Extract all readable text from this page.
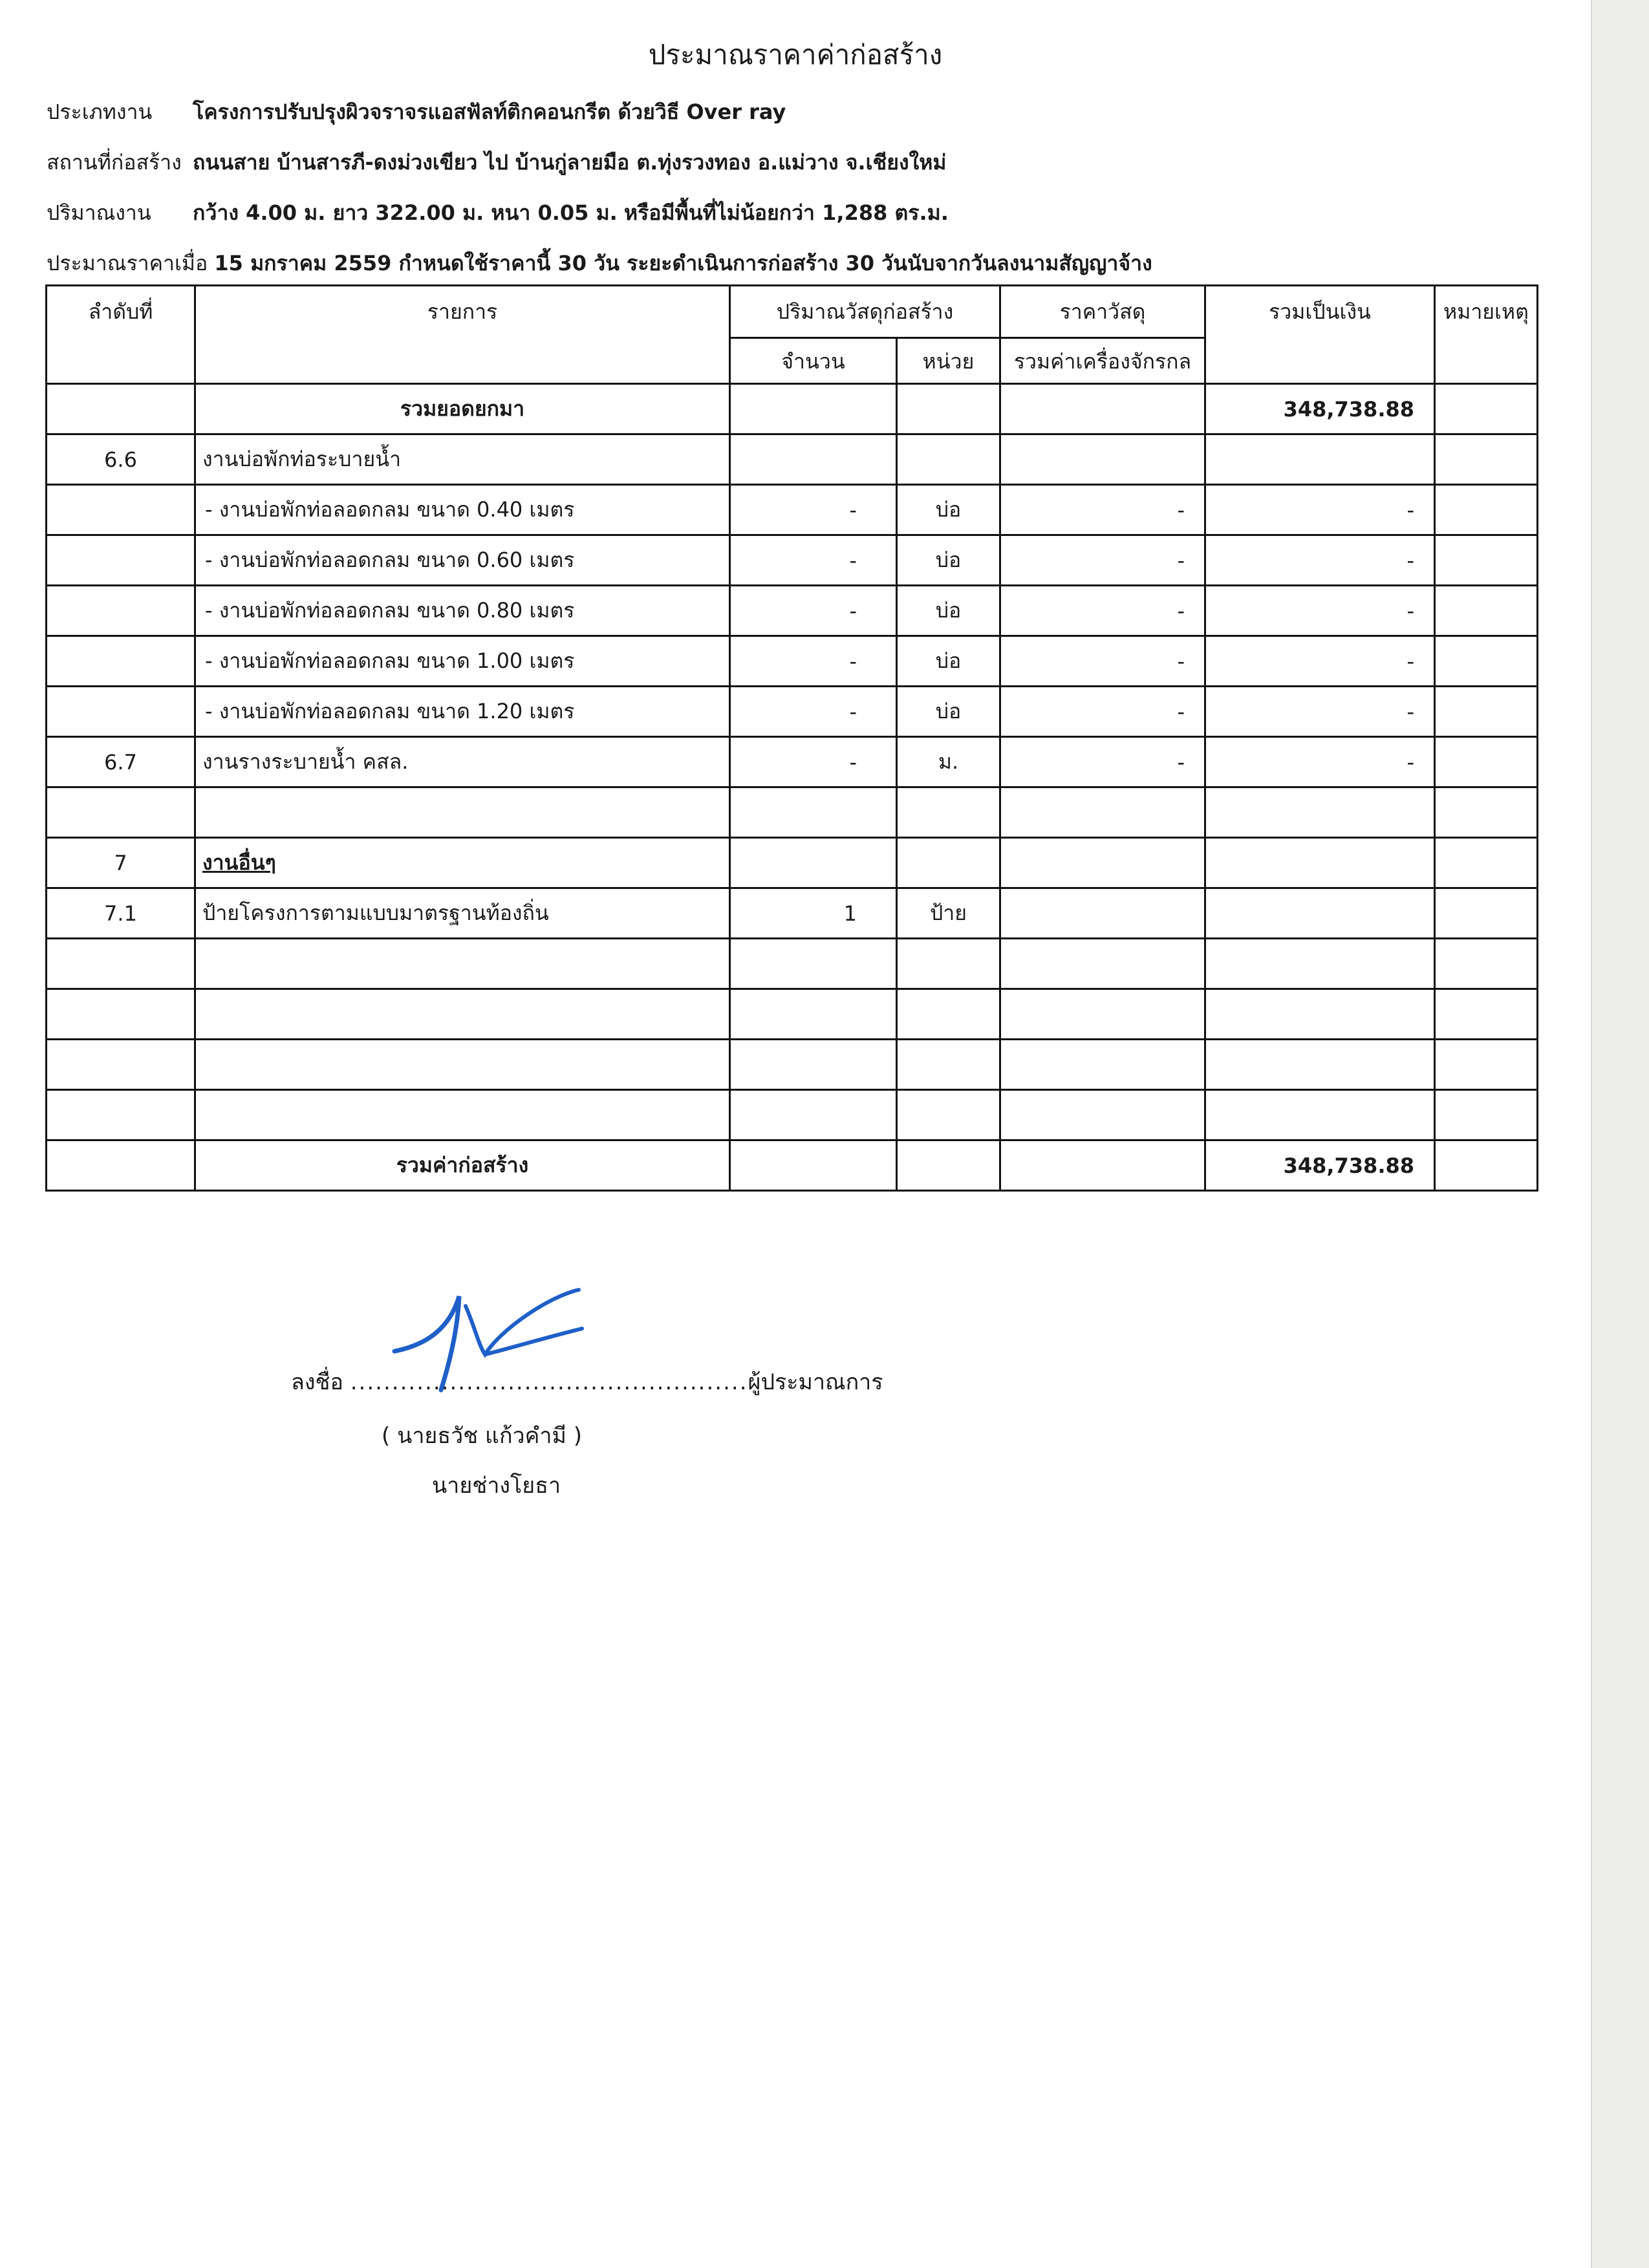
ประมาณราคาค่าก่อสร้าง
ประเภทงาน โครงการปรับปรุงผิวจราจรแอสฟัลท์ติกคอนกรีต ด้วยวิธี Over ray
สถานที่ก่อสร้าง ถนนสาย บ้านสารภี-ดงม่วงเขียว ไป บ้านกู่ลายมือ ต.ทุ่งรวงทอง อ.แม่วาง จ.เชียงใหม่
ปริมาณงาน กว้าง 4.00 ม. ยาว 322.00 ม. หนา 0.05 ม. หรือมีพื้นที่ไม่น้อยกว่า 1,288 ตร.ม.
ประมาณราคาเมื่อ 15 มกราคม 2559 กำหนดใช้ราคานี้ 30 วัน ระยะดำเนินการก่อสร้าง 30 วันนับจากวันลงนามสัญญาจ้าง
ลำดับที่	รายการ	ปริมาณวัสดุก่อสร้าง		ราคาวัสดุ	รวมเป็นเงิน	หมายเหตุ
		จำนวน	หน่วย	รวมค่าเครื่องจักรกล		
	รวมยอดยกมา				348,738.88	
6.6	งานบ่อพักท่อระบายน้ำ					
	- งานบ่อพักท่อลอดกลม ขนาด 0.40 เมตร	-	บ่อ	-	-	
	- งานบ่อพักท่อลอดกลม ขนาด 0.60 เมตร	-	บ่อ	-	-	
	- งานบ่อพักท่อลอดกลม ขนาด 0.80 เมตร	-	บ่อ	-	-	
	- งานบ่อพักท่อลอดกลม ขนาด 1.00 เมตร	-	บ่อ	-	-	
	- งานบ่อพักท่อลอดกลม ขนาด 1.20 เมตร	-	บ่อ	-	-	
6.7	งานรางระบายน้ำ คสล.	-	ม.	-	-	

7	งานอื่นๆ					
7.1	ป้ายโครงการตามแบบมาตรฐานท้องถิ่น	1	ป้าย			

	รวมค่าก่อสร้าง				348,738.88	
ลงชื่อ ................................................ผู้ประมาณการ
( นายธวัช แก้วคำมี )
นายช่างโยธา
